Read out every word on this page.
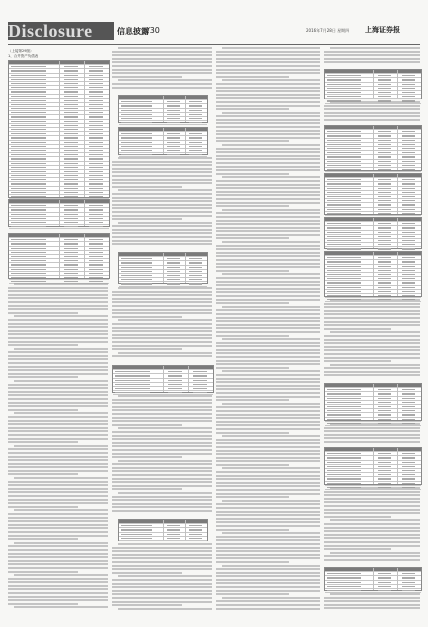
Disclosure	信息披露
/30	2016年7月28日 星期四 上海证券报
（上接第29版）
1、合并资产负债表
